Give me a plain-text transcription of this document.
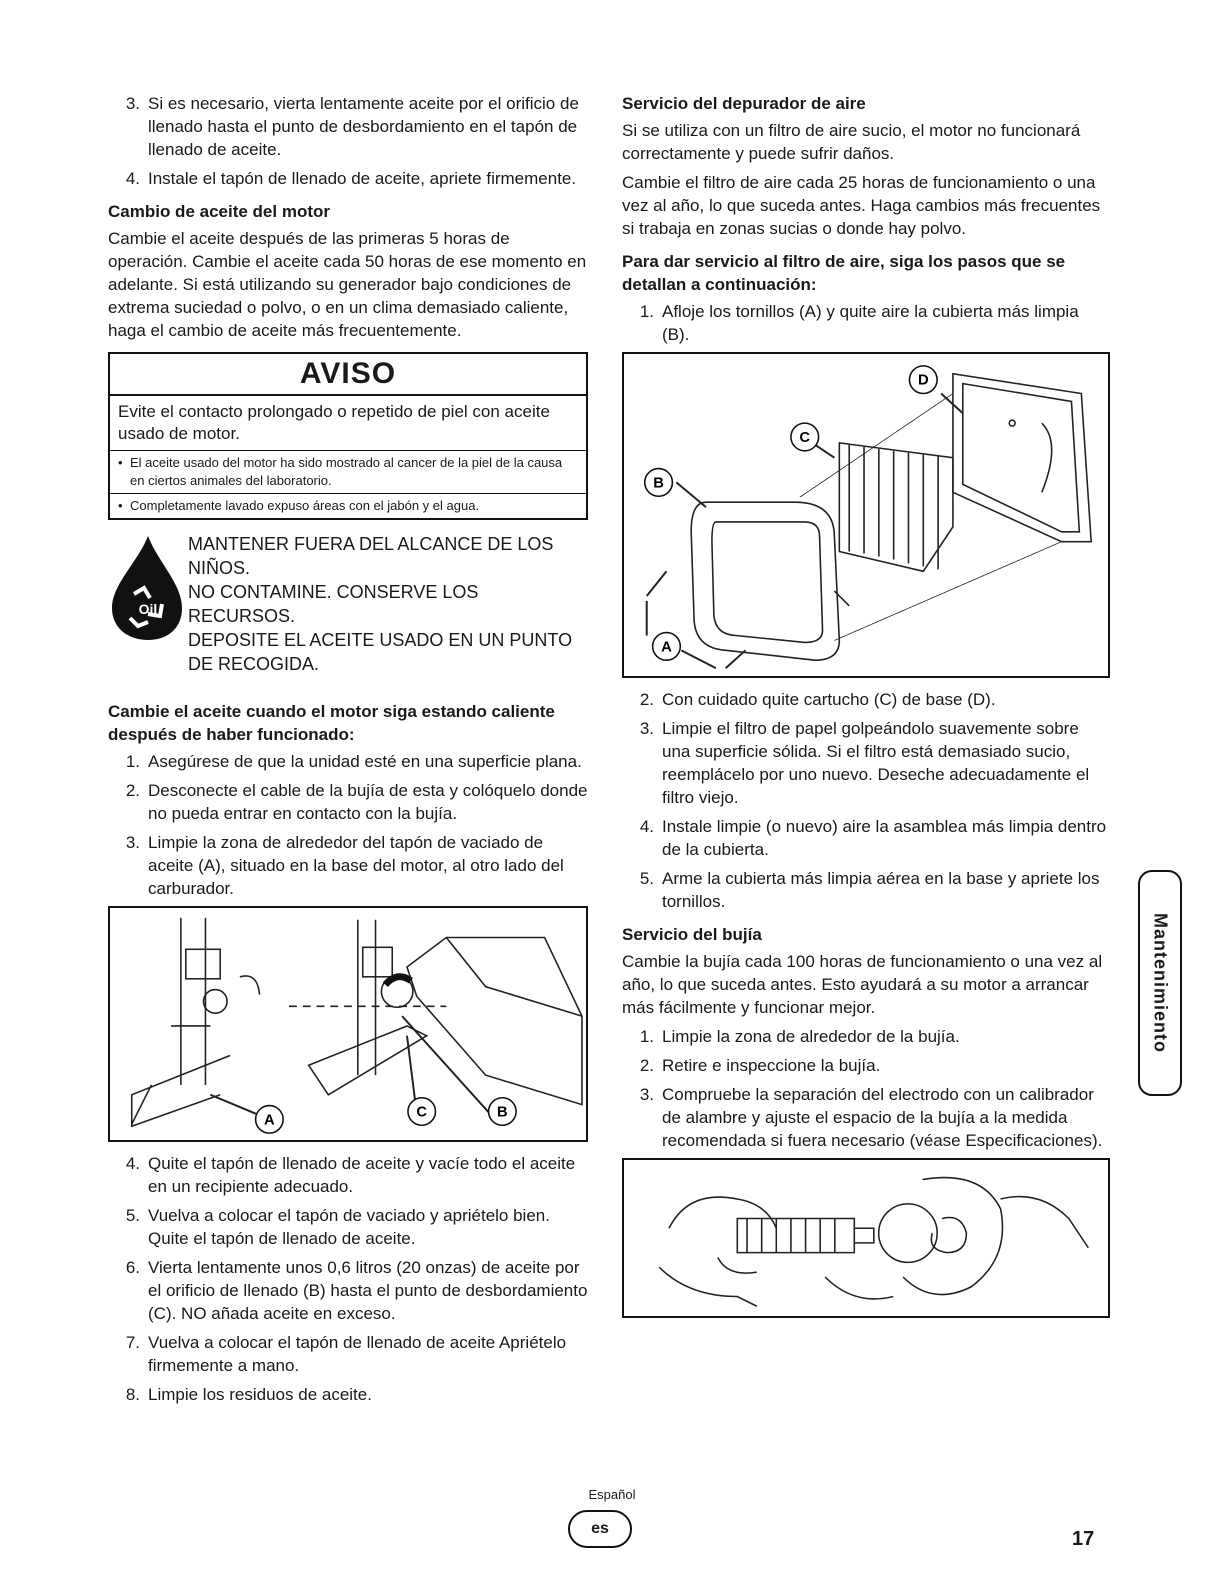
3. Si es necesario, vierta lentamente aceite por el orificio de llenado hasta el punto de desbordamiento en el tapón de llenado de aceite.
4. Instale el tapón de llenado de aceite, apriete firmemente.
Cambio de aceite del motor

Cambie el aceite después de las primeras 5 horas de operación. Cambie el aceite cada 50 horas de ese momento en adelante. Si está utilizando su generador bajo condiciones de extrema suciedad o polvo, o en un clima demasiado caliente, haga el cambio de aceite más frecuentemente.

AVISO
Evite el contacto prolongado o repetido de piel con aceite usado de motor.
• El aceite usado del motor ha sido mostrado al cancer de la piel de la causa en ciertos animales del laboratorio.
• Completamente lavado expuso áreas con el jabón y el agua.
Oil
MANTENER FUERA DEL ALCANCE DE LOS NIÑOS.
NO CONTAMINE. CONSERVE LOS RECURSOS.
DEPOSITE EL ACEITE USADO EN UN PUNTO DE RECOGIDA.
Cambie el aceite cuando el motor siga estando caliente después de haber funcionado:
1. Asegúrese de que la unidad esté en una superficie plana.
2. Desconecte el cable de la bujía de esta y colóquelo donde no pueda entrar en contacto con la bujía.
3. Limpie la zona de alrededor del tapón de vaciado de aceite (A), situado en la base del motor, al otro lado del carburador.
A	C	B
4. Quite el tapón de llenado de aceite y vacíe todo el aceite en un recipiente adecuado.
5. Vuelva a colocar el tapón de vaciado y apriételo bien. Quite el tapón de llenado de aceite.
6. Vierta lentamente unos 0,6 litros (20 onzas) de aceite por el orificio de llenado (B) hasta el punto de desbordamiento (C). NO añada aceite en exceso.
7. Vuelva a colocar el tapón de llenado de aceite Apriételo firmemente a mano.
8. Limpie los residuos de aceite.
Servicio del depurador de aire

Si se utiliza con un filtro de aire sucio, el motor no funcionará correctamente y puede sufrir daños.

Cambie el filtro de aire cada 25 horas de funcionamiento o una vez al año, lo que suceda antes. Haga cambios más frecuentes si trabaja en zonas sucias o donde hay polvo.

Para dar servicio al filtro de aire, siga los pasos que se detallan a continuación:
1. Afloje los tornillos (A) y quite aire la cubierta más limpia (B).
D
C
B
A
2. Con cuidado quite cartucho (C) de base (D).
3. Limpie el filtro de papel golpeándolo suavemente sobre una superficie sólida. Si el filtro está demasiado sucio, reemplácelo por uno nuevo. Deseche adecuadamente el filtro viejo.
4. Instale limpie (o nuevo) aire la asamblea más limpia dentro de la cubierta.
5. Arme la cubierta más limpia aérea en la base y apriete los tornillos.
Servicio del bujía

Cambie la bujía cada 100 horas de funcionamiento o una vez al año, lo que suceda antes. Esto ayudará a su motor a arrancar más fácilmente y funcionar mejor.

1. Limpie la zona de alrededor de la bujía.
2. Retire e inspeccione la bujía.
3. Compruebe la separación del electrodo con un calibrador de alambre y ajuste el espacio de la bujía a la medida recomendada si fuera necesario (véase Especificaciones).
Mantenimiento
Español
es	17
